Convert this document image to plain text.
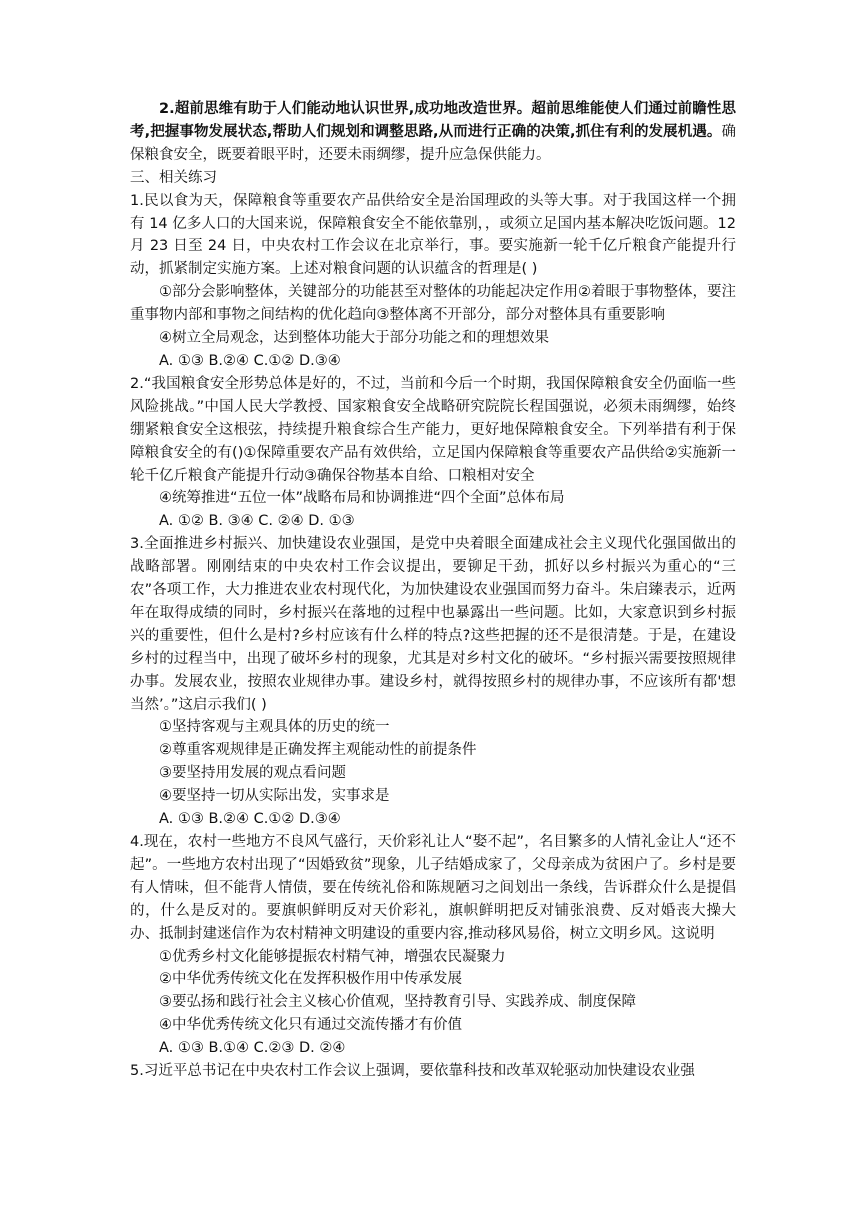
2.超前思维有助于人们能动地认识世界,成功地改造世界。超前思维能使人们通过前瞻性思考,把握事物发展状态,帮助人们规划和调整思路,从而进行正确的决策,抓住有利的发展机遇。确保粮食安全，既要着眼平时，还要未雨绸缪，提升应急保供能力。

三、相关练习

1.民以食为天，保障粮食等重要农产品供给安全是治国理政的头等大事。对于我国这样一个拥有 14 亿多人口的大国来说，保障粮食安全不能依靠别，，或须立足国内基本解决吃饭问题。12 月 23 日至 24 日，中央农村工作会议在北京举行，事。要实施新一轮千亿斤粮食产能提升行动，抓紧制定实施方案。上述对粮食问题的认识蕴含的哲理是( )

①部分会影响整体，关键部分的功能甚至对整体的功能起决定作用②着眼于事物整体，要注重事物内部和事物之间结构的优化趋向③整体离不开部分，部分对整体具有重要影响

④树立全局观念，达到整体功能大于部分功能之和的理想效果

A. ①③ B.②④ C.①② D.③④

2.“我国粮食安全形势总体是好的，不过，当前和今后一个时期，我国保障粮食安全仍面临一些风险挑战。”中国人民大学教授、国家粮食安全战略研究院院长程国强说，必须未雨绸缪，始终绷紧粮食安全这根弦，持续提升粮食综合生产能力，更好地保障粮食安全。下列举措有利于保障粮食安全的有()①保障重要农产品有效供给，立足国内保障粮食等重要农产品供给②实施新一轮千亿斤粮食产能提升行动③确保谷物基本自给、口粮相对安全

④统筹推进“五位一体”战略布局和协调推进“四个全面”总体布局

A. ①② B. ③④ C. ②④ D. ①③

3.全面推进乡村振兴、加快建设农业强国，是党中央着眼全面建成社会主义现代化强国做出的战略部署。刚刚结束的中央农村工作会议提出，要铆足干劲，抓好以乡村振兴为重心的“三农”各项工作，大力推进农业农村现代化，为加快建设农业强国而努力奋斗。朱启臻表示，近两年在取得成绩的同时，乡村振兴在落地的过程中也暴露出一些问题。比如，大家意识到乡村振兴的重要性，但什么是村?乡村应该有什么样的特点?这些把握的还不是很清楚。于是，在建设乡村的过程当中，出现了破坏乡村的现象，尤其是对乡村文化的破坏。“乡村振兴需要按照规律办事。发展农业，按照农业规律办事。建设乡村，就得按照乡村的规律办事，不应该所有都'想当然’。”这启示我们( )

①坚持客观与主观具体的历史的统一

②尊重客观规律是正确发挥主观能动性的前提条件

③要坚持用发展的观点看问题

④要坚持一切从实际出发，实事求是

A. ①③ B.②④ C.①② D.③④

4.现在，农村一些地方不良风气盛行，天价彩礼让人“娶不起”，名目繁多的人情礼金让人“还不起”。一些地方农村出现了“因婚致贫”现象，儿子结婚成家了，父母亲成为贫困户了。乡村是要有人情味，但不能背人情债，要在传统礼俗和陈规陋习之间划出一条线，告诉群众什么是提倡的，什么是反对的。要旗帜鲜明反对天价彩礼，旗帜鲜明把反对铺张浪费、反对婚丧大操大办、抵制封建迷信作为农村精神文明建设的重要内容,推动移风易俗，树立文明乡风。这说明

①优秀乡村文化能够提振农村精气神，增强农民凝聚力

②中华优秀传统文化在发挥积极作用中传承发展

③要弘扬和践行社会主义核心价值观，坚持教育引导、实践养成、制度保障

④中华优秀传统文化只有通过交流传播才有价值

A. ①③ B.①④ C.②③ D. ②④

5.习近平总书记在中央农村工作会议上强调，要依靠科技和改革双轮驱动加快建设农业强
